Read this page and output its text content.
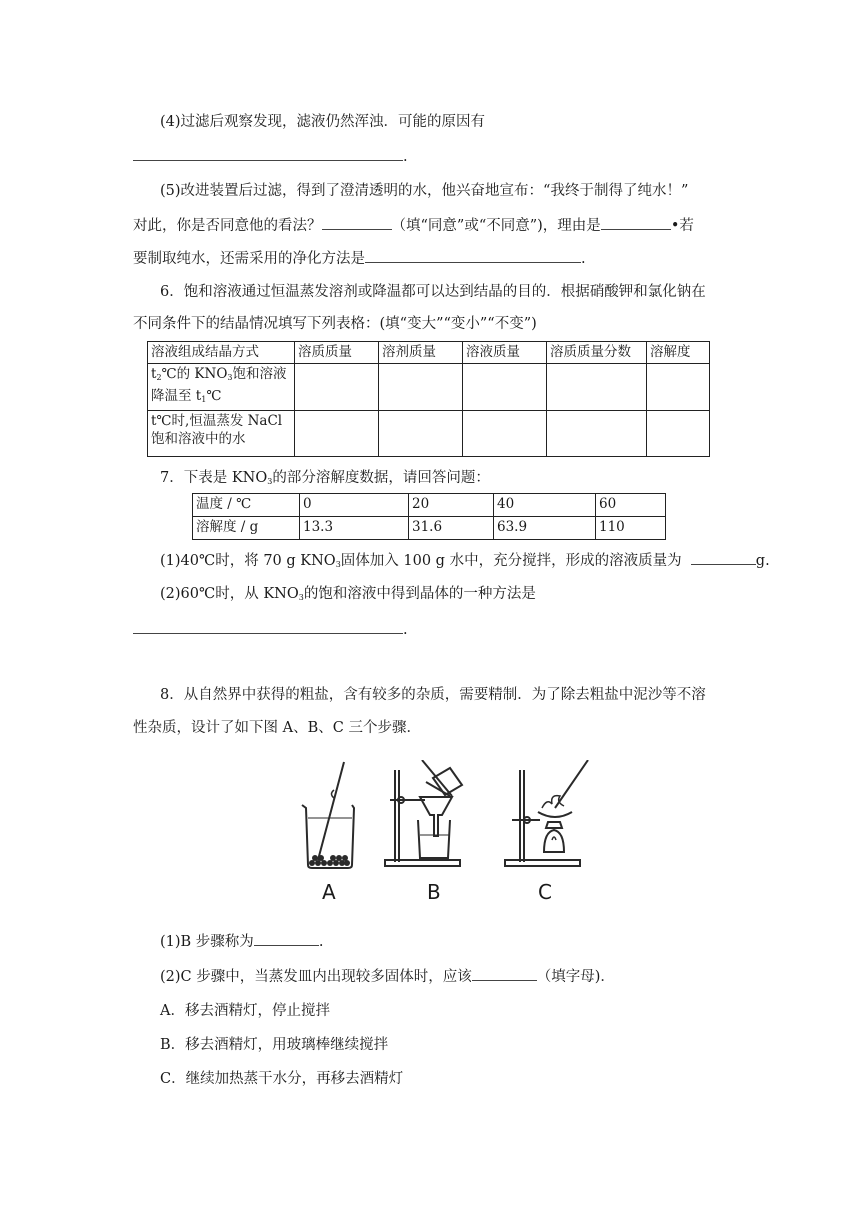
(4)过滤后观察发现，滤液仍然浑浊．可能的原因有
.
(5)改进装置后过滤，得到了澄清透明的水，他兴奋地宣布：“我终于制得了纯水！”
对此，你是否同意他的看法？	（填“同意”或“不同意”)，理由是	•若
要制取纯水，还需采用的净化方法是	.
6．饱和溶液通过恒温蒸发溶剂或降温都可以达到结晶的目的．根据硝酸钾和氯化钠在
不同条件下的结晶情况填写下列表格：(填“变大”“变小”“不变”)
溶液组成结晶方式	溶质质量	溶剂质量	溶液质量	溶质质量分数	溶解度
$t_2℃$的 $KNO_3$饱和溶液
降温至 $t_1℃$					
t℃时,恒温蒸发 NaCl
饱和溶液中的水					
7．下表是 $KNO_3$的部分溶解度数据，请回答问题：
温度 / ℃	0	20	40	60
溶解度 / g	13.3	31.6	63.9	110
(1)40℃时，将 70 g $KNO_3$固体加入 100 g 水中，充分搅拌，形成的溶液质量为	g.
(2)60℃时，从 $KNO_3$的饱和溶液中得到晶体的一种方法是
.
8．从自然界中获得的粗盐，含有较多的杂质，需要精制．为了除去粗盐中泥沙等不溶
性杂质，设计了如下图 A、B、C 三个步骤．
A	B	C
(1)B 步骤称为	.
(2)C 步骤中，当蒸发皿内出现较多固体时，应该	（填字母)．
A．移去酒精灯，停止搅拌
B．移去酒精灯，用玻璃棒继续搅拌
C．继续加热蒸干水分，再移去酒精灯
